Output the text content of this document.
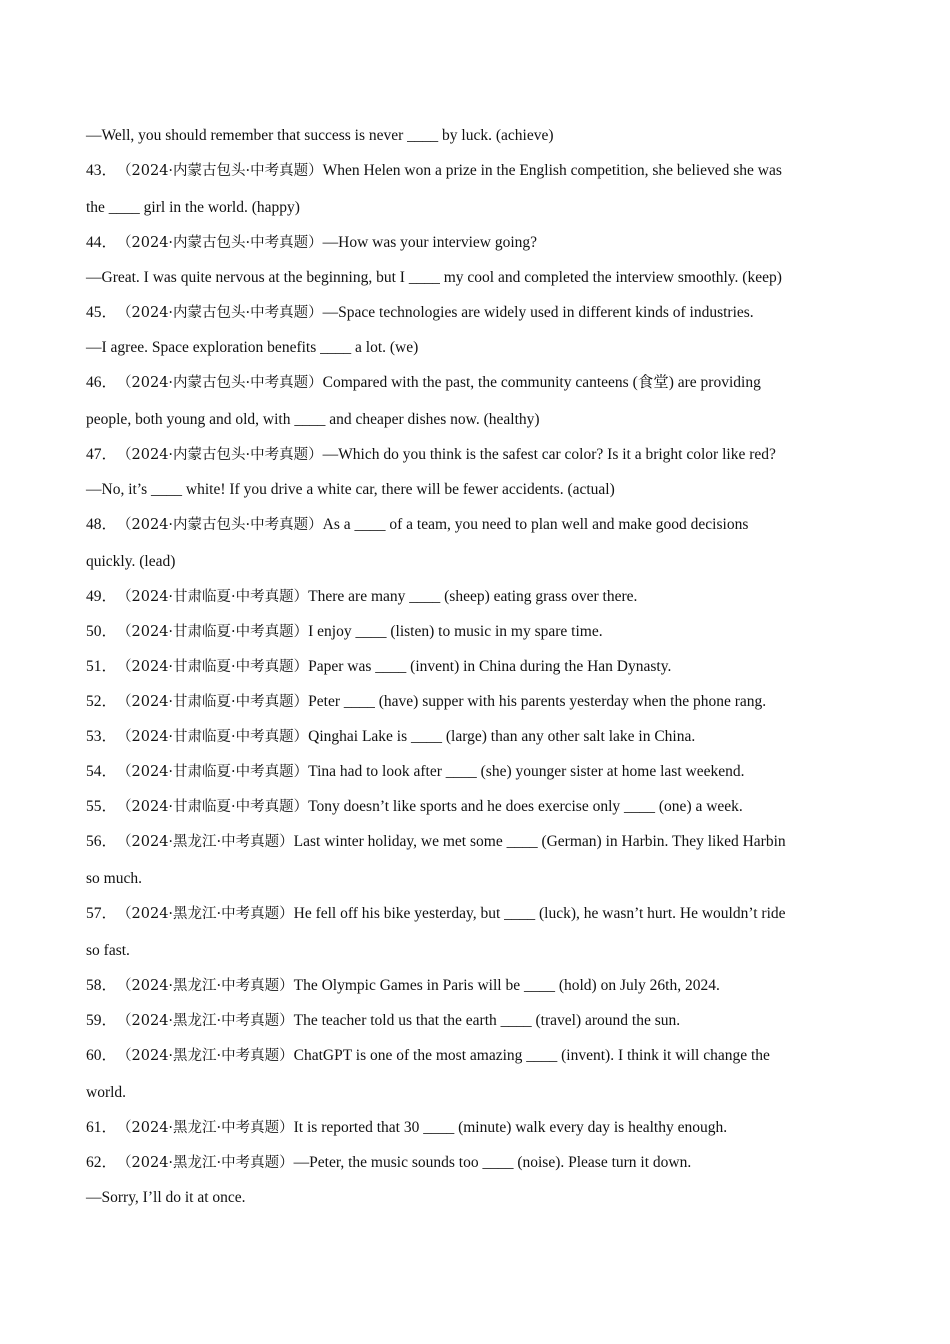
—Well, you should remember that success is never ____ by luck. (achieve)
43．（2024·内蒙古包头·中考真题）When Helen won a prize in the English competition, she believed she was
the ____ girl in the world. (happy)
44．（2024·内蒙古包头·中考真题）—How was your interview going?
—Great. I was quite nervous at the beginning, but I ____ my cool and completed the interview smoothly. (keep)
45．（2024·内蒙古包头·中考真题）—Space technologies are widely used in different kinds of industries.
—I agree. Space exploration benefits ____ a lot. (we)
46．（2024·内蒙古包头·中考真题）Compared with the past, the community canteens (食堂) are providing
people, both young and old, with ____ and cheaper dishes now. (healthy)
47．（2024·内蒙古包头·中考真题）—Which do you think is the safest car color? Is it a bright color like red?
—No, it’s ____ white! If you drive a white car, there will be fewer accidents. (actual)
48．（2024·内蒙古包头·中考真题）As a ____ of a team, you need to plan well and make good decisions
quickly. (lead)
49．（2024·甘肃临夏·中考真题）There are many ____ (sheep) eating grass over there.
50．（2024·甘肃临夏·中考真题）I enjoy ____ (listen) to music in my spare time.
51．（2024·甘肃临夏·中考真题）Paper was ____ (invent) in China during the Han Dynasty.
52．（2024·甘肃临夏·中考真题）Peter ____ (have) supper with his parents yesterday when the phone rang.
53．（2024·甘肃临夏·中考真题）Qinghai Lake is ____ (large) than any other salt lake in China.
54．（2024·甘肃临夏·中考真题）Tina had to look after ____ (she) younger sister at home last weekend.
55．（2024·甘肃临夏·中考真题）Tony doesn’t like sports and he does exercise only ____ (one) a week.
56．（2024·黑龙江·中考真题）Last winter holiday, we met some ____ (German) in Harbin. They liked Harbin
so much.
57．（2024·黑龙江·中考真题）He fell off his bike yesterday, but ____ (luck), he wasn’t hurt. He wouldn’t ride
so fast.
58．（2024·黑龙江·中考真题）The Olympic Games in Paris will be ____ (hold) on July 26th, 2024.
59．（2024·黑龙江·中考真题）The teacher told us that the earth ____ (travel) around the sun.
60．（2024·黑龙江·中考真题）ChatGPT is one of the most amazing ____ (invent). I think it will change the
world.
61．（2024·黑龙江·中考真题）It is reported that 30 ____ (minute) walk every day is healthy enough.
62．（2024·黑龙江·中考真题）—Peter, the music sounds too ____ (noise). Please turn it down.
—Sorry, I’ll do it at once.
